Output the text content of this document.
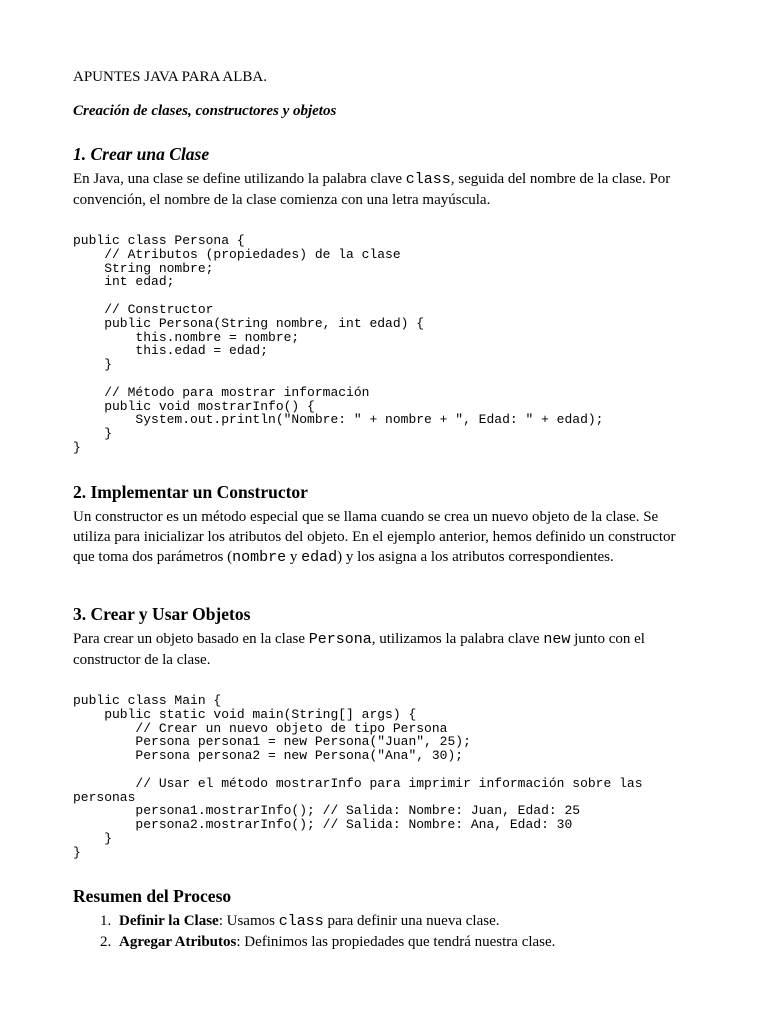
APUNTES JAVA PARA ALBA.

Creación de clases, constructores y objetos

1. Crear una Clase

En Java, una clase se define utilizando la palabra clave class, seguida del nombre de la clase. Por convención, el nombre de la clase comienza con una letra mayúscula.

public class Persona {
// Atributos (propiedades) de la clase
String nombre;
int edad;

// Constructor
public Persona(String nombre, int edad) {
this.nombre = nombre;
this.edad = edad;
}

// Método para mostrar información
public void mostrarInfo() {
System.out.println("Nombre: " + nombre + ", Edad: " + edad);
}
}
2. Implementar un Constructor

Un constructor es un método especial que se llama cuando se crea un nuevo objeto de la clase. Se utiliza para inicializar los atributos del objeto. En el ejemplo anterior, hemos definido un constructor que toma dos parámetros (nombre y edad) y los asigna a los atributos correspondientes.

3. Crear y Usar Objetos

Para crear un objeto basado en la clase Persona, utilizamos la palabra clave new junto con el constructor de la clase.

public class Main {
public static void main(String[] args) {
// Crear un nuevo objeto de tipo Persona
Persona persona1 = new Persona("Juan", 25);
Persona persona2 = new Persona("Ana", 30);

// Usar el método mostrarInfo para imprimir información sobre las
personas
persona1.mostrarInfo(); // Salida: Nombre: Juan, Edad: 25
persona2.mostrarInfo(); // Salida: Nombre: Ana, Edad: 30
}
}
Resumen del Proceso
1. Definir la Clase: Usamos class para definir una nueva clase.
2. Agregar Atributos: Definimos las propiedades que tendrá nuestra clase.
